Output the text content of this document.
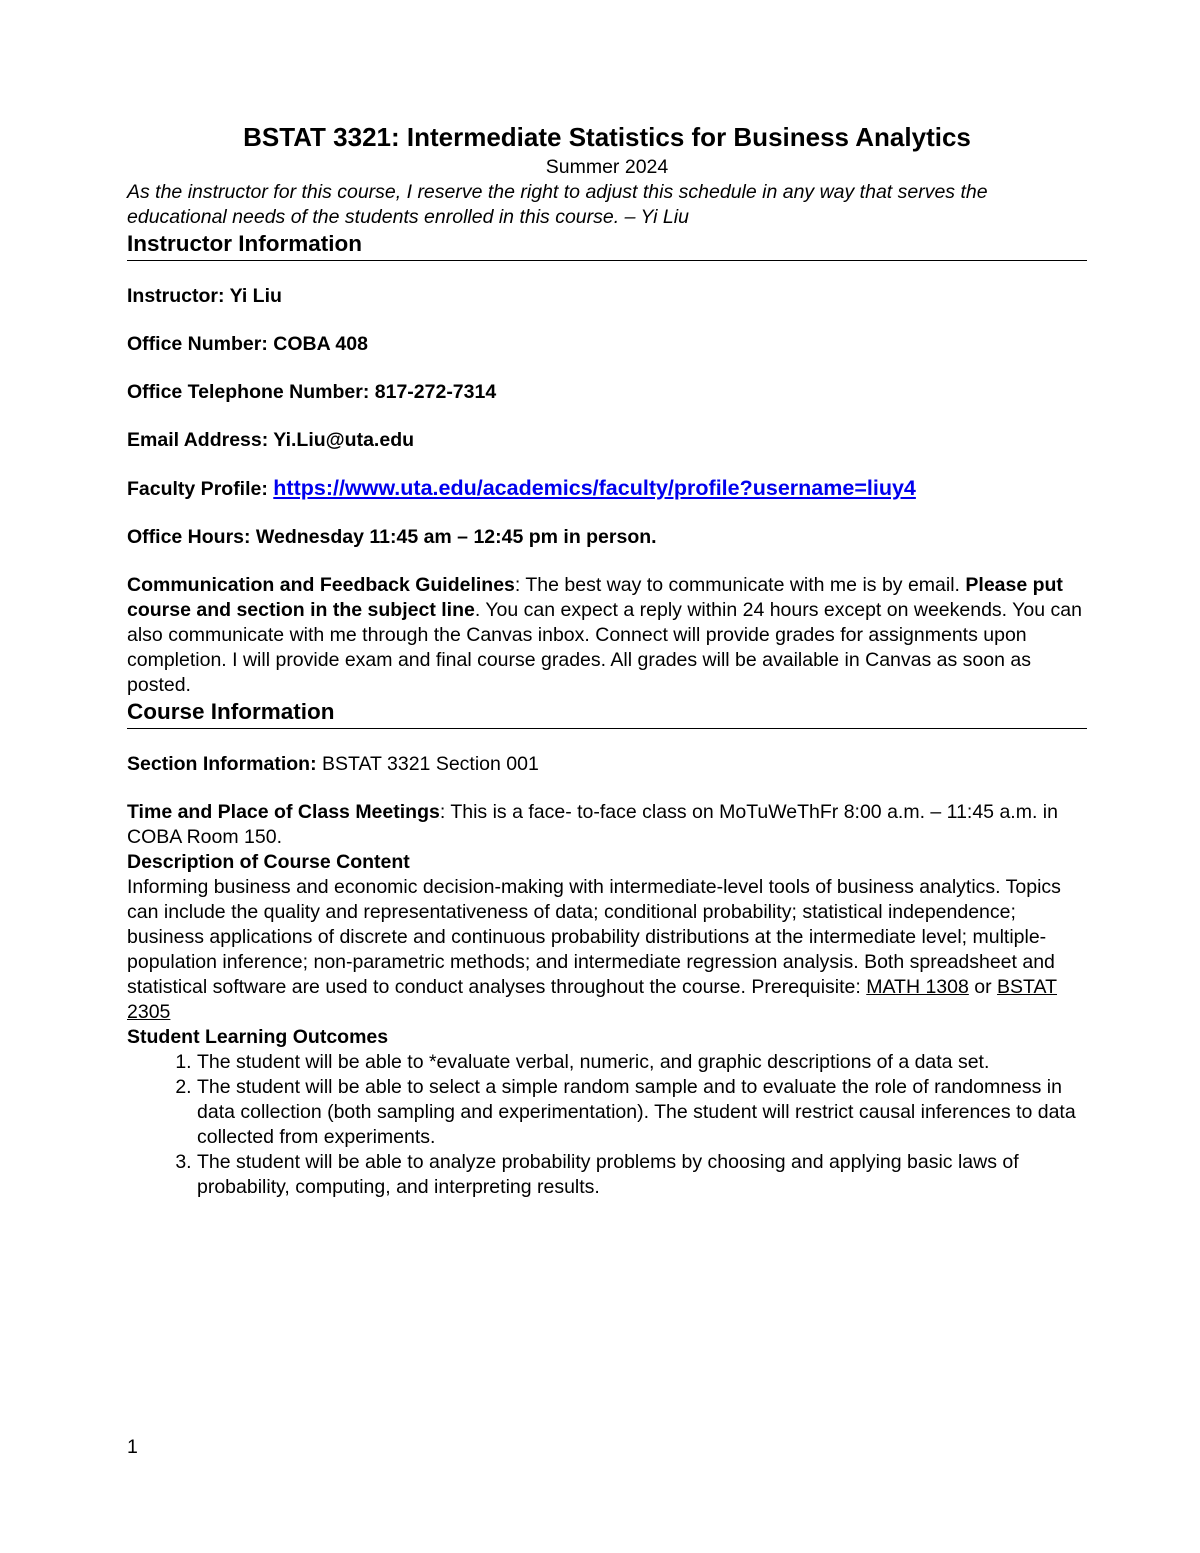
BSTAT 3321: Intermediate Statistics for Business Analytics

Summer 2024

As the instructor for this course, I reserve the right to adjust this schedule in any way that serves the educational needs of the students enrolled in this course. – Yi Liu

Instructor Information

Instructor: Yi Liu

Office Number: COBA 408

Office Telephone Number: 817-272-7314

Email Address: Yi.Liu@uta.edu

Faculty Profile: https://www.uta.edu/academics/faculty/profile?username=liuy4

Office Hours: Wednesday 11:45 am – 12:45 pm in person.

Communication and Feedback Guidelines: The best way to communicate with me is by email. Please put course and section in the subject line. You can expect a reply within 24 hours except on weekends. You can also communicate with me through the Canvas inbox. Connect will provide grades for assignments upon completion. I will provide exam and final course grades. All grades will be available in Canvas as soon as posted.

Course Information

Section Information: BSTAT 3321 Section 001

Time and Place of Class Meetings: This is a face- to-face class on MoTuWeThFr 8:00 a.m. – 11:45 a.m. in COBA Room 150.

Description of Course Content

Informing business and economic decision-making with intermediate-level tools of business analytics. Topics can include the quality and representativeness of data; conditional probability; statistical independence; business applications of discrete and continuous probability distributions at the intermediate level; multiple-population inference; non-parametric methods; and intermediate regression analysis. Both spreadsheet and statistical software are used to conduct analyses throughout the course. Prerequisite: MATH 1308 or BSTAT 2305

Student Learning Outcomes

1. The student will be able to *evaluate verbal, numeric, and graphic descriptions of a data set.
2. The student will be able to select a simple random sample and to evaluate the role of randomness in data collection (both sampling and experimentation). The student will restrict causal inferences to data collected from experiments.
3. The student will be able to analyze probability problems by choosing and applying basic laws of probability, computing, and interpreting results.
1
